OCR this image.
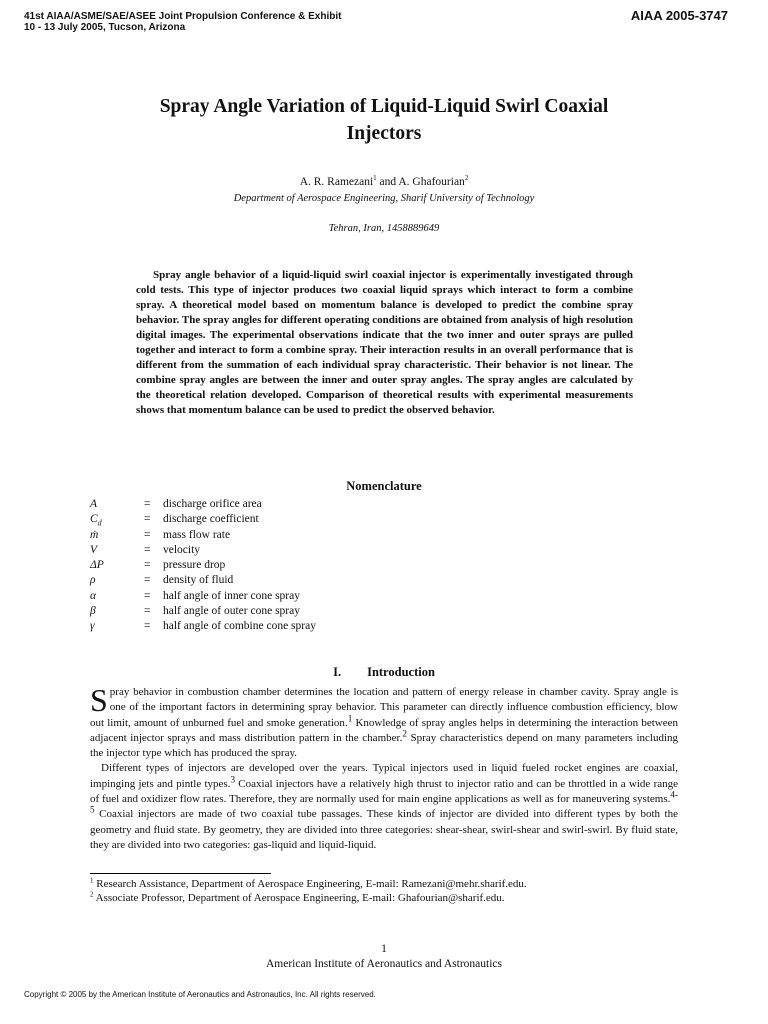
41st AIAA/ASME/SAE/ASEE Joint Propulsion Conference & Exhibit
10 - 13 July 2005, Tucson, Arizona
AIAA 2005-3747
Spray Angle Variation of Liquid-Liquid Swirl Coaxial
Injectors
A. R. Ramezani$^1$ and A. Ghafourian$^2$
Department of Aerospace Engineering, Sharif University of Technology
Tehran, Iran, 1458889649

Spray angle behavior of a liquid-liquid swirl coaxial injector is experimentally investigated through cold tests. This type of injector produces two coaxial liquid sprays which interact to form a combine spray. A theoretical model based on momentum balance is developed to predict the combine spray behavior. The spray angles for different operating conditions are obtained from analysis of high resolution digital images. The experimental observations indicate that the two inner and outer sprays are pulled together and interact to form a combine spray. Their interaction results in an overall performance that is different from the summation of each individual spray characteristic. Their behavior is not linear. The combine spray angles are between the inner and outer spray angles. The spray angles are calculated by the theoretical relation developed. Comparison of theoretical results with experimental measurements shows that momentum balance can be used to predict the observed behavior.

Nomenclature
A	= discharge orifice area
$C_d$	= discharge coefficient
ṁ	= mass flow rate
V	= velocity
ΔP	= pressure drop
ρ	= density of fluid
α	= half angle of inner cone spray
β	= half angle of outer cone spray
γ	= half angle of combine cone spray
I. Introduction

Spray behavior in combustion chamber determines the location and pattern of energy release in chamber cavity. Spray angle is one of the important factors in determining spray behavior. This parameter can directly influence combustion efficiency, blow out limit, amount of unburned fuel and smoke generation.$^1$ Knowledge of spray angles helps in determining the interaction between adjacent injector sprays and mass distribution pattern in the chamber.$^2$ Spray characteristics depend on many parameters including the injector type which has produced the spray.

Different types of injectors are developed over the years. Typical injectors used in liquid fueled rocket engines are coaxial, impinging jets and pintle types.$^3$ Coaxial injectors have a relatively high thrust to injector ratio and can be throttled in a wide range of fuel and oxidizer flow rates. Therefore, they are normally used for main engine applications as well as for maneuvering systems.$^{4-5}$ Coaxial injectors are made of two coaxial tube passages. These kinds of injector are divided into different types by both the geometry and fluid state. By geometry, they are divided into three categories: shear-shear, swirl-shear and swirl-swirl. By fluid state, they are divided into two categories: gas-liquid and liquid-liquid.

$^1$ Research Assistance, Department of Aerospace Engineering, E-mail: Ramezani@mehr.sharif.edu.
$^2$ Associate Professor, Department of Aerospace Engineering, E-mail: Ghafourian@sharif.edu.
1
American Institute of Aeronautics and Astronautics
Copyright © 2005 by the American Institute of Aeronautics and Astronautics, Inc. All rights reserved.
